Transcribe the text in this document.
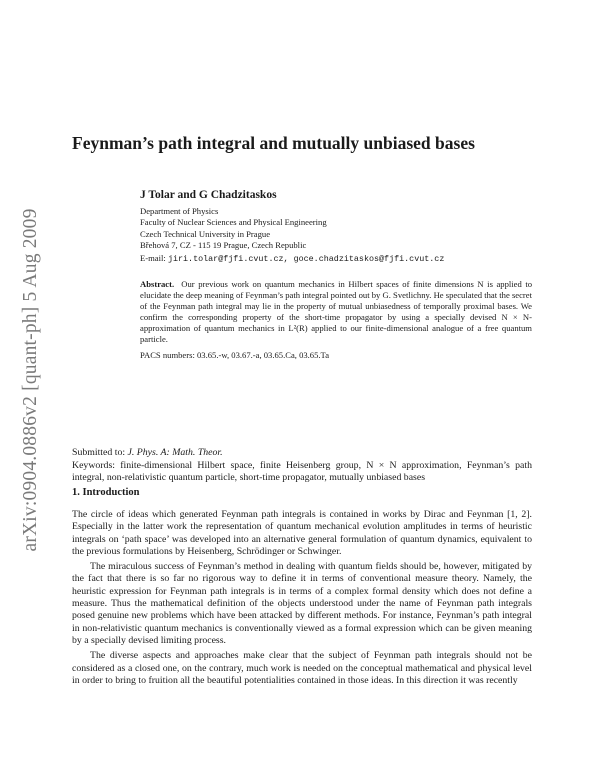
arXiv:0904.0886v2 [quant-ph] 5 Aug 2009
Feynman’s path integral and mutually unbiased bases
J Tolar and G Chadzitaskos
Department of Physics
Faculty of Nuclear Sciences and Physical Engineering
Czech Technical University in Prague
Břehová 7, CZ - 115 19 Prague, Czech Republic
E-mail: jiri.tolar@fjfi.cvut.cz, goce.chadzitaskos@fjfi.cvut.cz

Abstract. Our previous work on quantum mechanics in Hilbert spaces of finite dimensions N is applied to elucidate the deep meaning of Feynman’s path integral pointed out by G. Svetlichny. He speculated that the secret of the Feynman path integral may lie in the property of mutual unbiasedness of temporally proximal bases. We confirm the corresponding property of the short-time propagator by using a specially devised N × N-approximation of quantum mechanics in L²(R) applied to our finite-dimensional analogue of a free quantum particle.

PACS numbers: 03.65.-w, 03.67.-a, 03.65.Ca, 03.65.Ta
Submitted to: J. Phys. A: Math. Theor.

Keywords: finite-dimensional Hilbert space, finite Heisenberg group, N × N approximation, Feynman’s path integral, non-relativistic quantum particle, short-time propagator, mutually unbiased bases

1. Introduction

The circle of ideas which generated Feynman path integrals is contained in works by Dirac and Feynman [1, 2]. Especially in the latter work the representation of quantum mechanical evolution amplitudes in terms of heuristic integrals on ‘path space’ was developed into an alternative general formulation of quantum dynamics, equivalent to the previous formulations by Heisenberg, Schrödinger or Schwinger.

The miraculous success of Feynman’s method in dealing with quantum fields should be, however, mitigated by the fact that there is so far no rigorous way to define it in terms of conventional measure theory. Namely, the heuristic expression for Feynman path integrals is in terms of a complex formal density which does not define a measure. Thus the mathematical definition of the objects understood under the name of Feynman path integrals posed genuine new problems which have been attacked by different methods. For instance, Feynman’s path integral in non-relativistic quantum mechanics is conventionally viewed as a formal expression which can be given meaning by a specially devised limiting process.

The diverse aspects and approaches make clear that the subject of Feynman path integrals should not be considered as a closed one, on the contrary, much work is needed on the conceptual mathematical and physical level in order to bring to fruition all the beautiful potentialities contained in those ideas. In this direction it was recently
